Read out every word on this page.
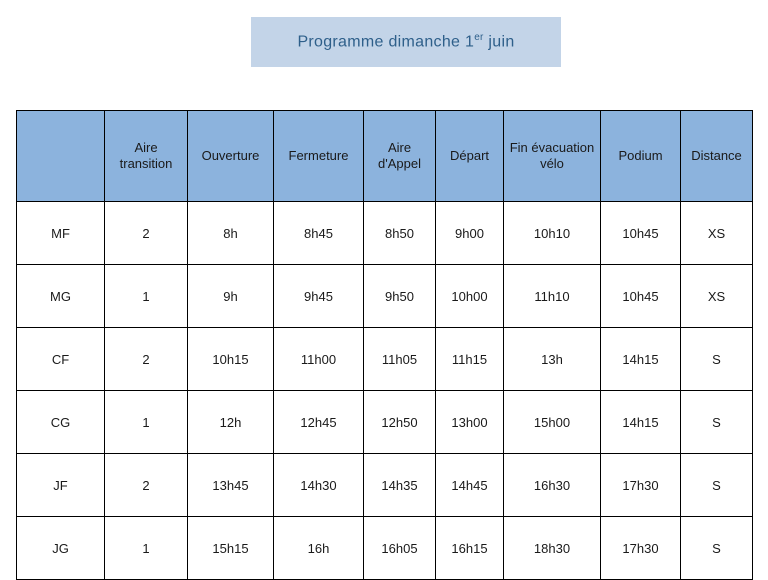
Programme dimanche 1er juin
	Aire transition	Ouverture	Fermeture	Aire d'Appel	Départ	Fin évacuation vélo	Podium	Distance
MF	2	8h	8h45	8h50	9h00	10h10	10h45	XS
MG	1	9h	9h45	9h50	10h00	11h10	10h45	XS
CF	2	10h15	11h00	11h05	11h15	13h	14h15	S
CG	1	12h	12h45	12h50	13h00	15h00	14h15	S
JF	2	13h45	14h30	14h35	14h45	16h30	17h30	S
JG	1	15h15	16h	16h05	16h15	18h30	17h30	S
